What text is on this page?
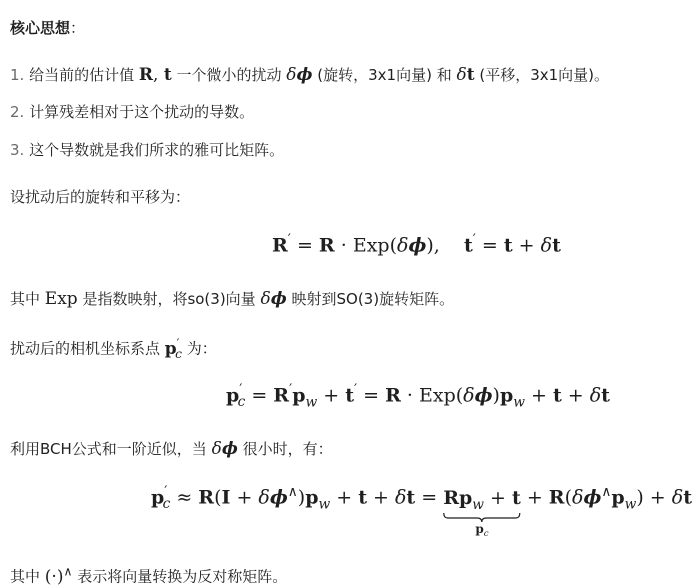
核心思想：
1. 给当前的估计值 R, t 一个微小的扰动 δϕ (旋转，3x1向量) 和 δt (平移，3x1向量)。
2. 计算残差相对于这个扰动的导数。
3. 这个导数就是我们所求的雅可比矩阵。
设扰动后的旋转和平移为：
R′ = R · Exp(δϕ),    t′ = t + δt
其中 Exp 是指数映射，将so(3)向量 δϕ 映射到SO(3)旋转矩阵。
扰动后的相机坐标系点 $p'_c$ 为：
$p'_c = R'p_w + t' = R \cdot Exp(\delta\phi)p_w + t + \delta t$
利用BCH公式和一阶近似，当 δϕ 很小时，有：
$p'_c \approx R(I + \delta\phi^\wedge)p_w + t + \delta t = Rp_w + t$
$p_c$
+ $R(\delta\phi^\wedge p_w) + \delta t$
其中 (·)∧ 表示将向量转换为反对称矩阵。
